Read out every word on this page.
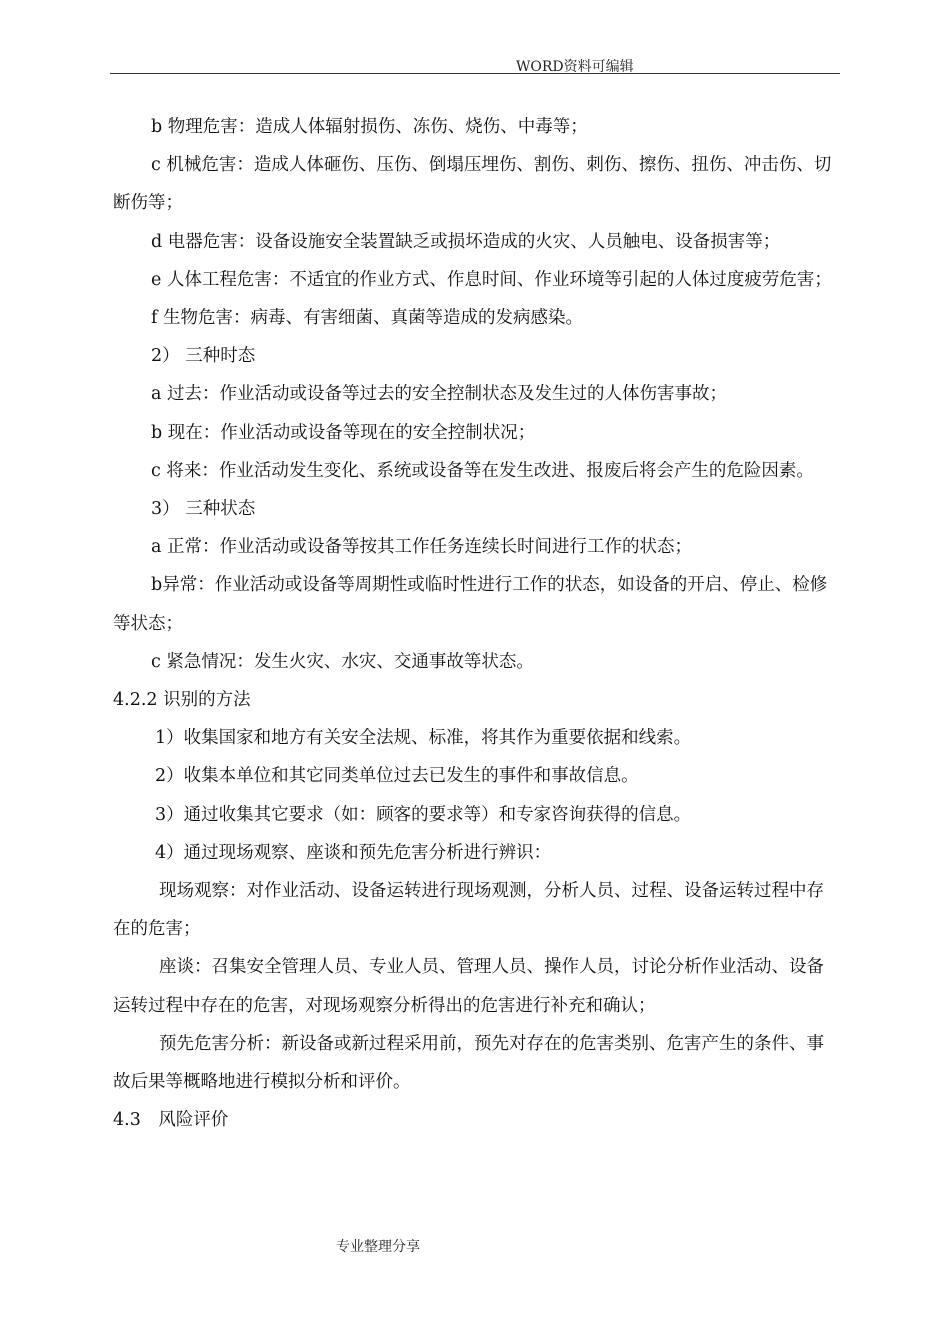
WORD资料可编辑

b 物理危害：造成人体辐射损伤、冻伤、烧伤、中毒等；

c 机械危害：造成人体砸伤、压伤、倒塌压埋伤、割伤、刺伤、擦伤、扭伤、冲击伤、切断伤等；

d 电器危害：设备设施安全装置缺乏或损坏造成的火灾、人员触电、设备损害等；

e 人体工程危害：不适宜的作业方式、作息时间、作业环境等引起的人体过度疲劳危害；

f 生物危害：病毒、有害细菌、真菌等造成的发病感染。

2） 三种时态

a 过去：作业活动或设备等过去的安全控制状态及发生过的人体伤害事故；

b 现在：作业活动或设备等现在的安全控制状况；

c 将来：作业活动发生变化、系统或设备等在发生改进、报废后将会产生的危险因素。

3） 三种状态

a 正常：作业活动或设备等按其工作任务连续长时间进行工作的状态；

b异常：作业活动或设备等周期性或临时性进行工作的状态，如设备的开启、停止、检修等状态；

c 紧急情况：发生火灾、水灾、交通事故等状态。

4.2.2 识别的方法

1）收集国家和地方有关安全法规、标准，将其作为重要依据和线索。

2）收集本单位和其它同类单位过去已发生的事件和事故信息。

3）通过收集其它要求（如：顾客的要求等）和专家咨询获得的信息。

4）通过现场观察、座谈和预先危害分析进行辨识：

现场观察：对作业活动、设备运转进行现场观测，分析人员、过程、设备运转过程中存在的危害；

座谈：召集安全管理人员、专业人员、管理人员、操作人员，讨论分析作业活动、设备运转过程中存在的危害，对现场观察分析得出的危害进行补充和确认；

预先危害分析：新设备或新过程采用前，预先对存在的危害类别、危害产生的条件、事故后果等概略地进行模拟分析和评价。

4.3　风险评价

专业整理分享
